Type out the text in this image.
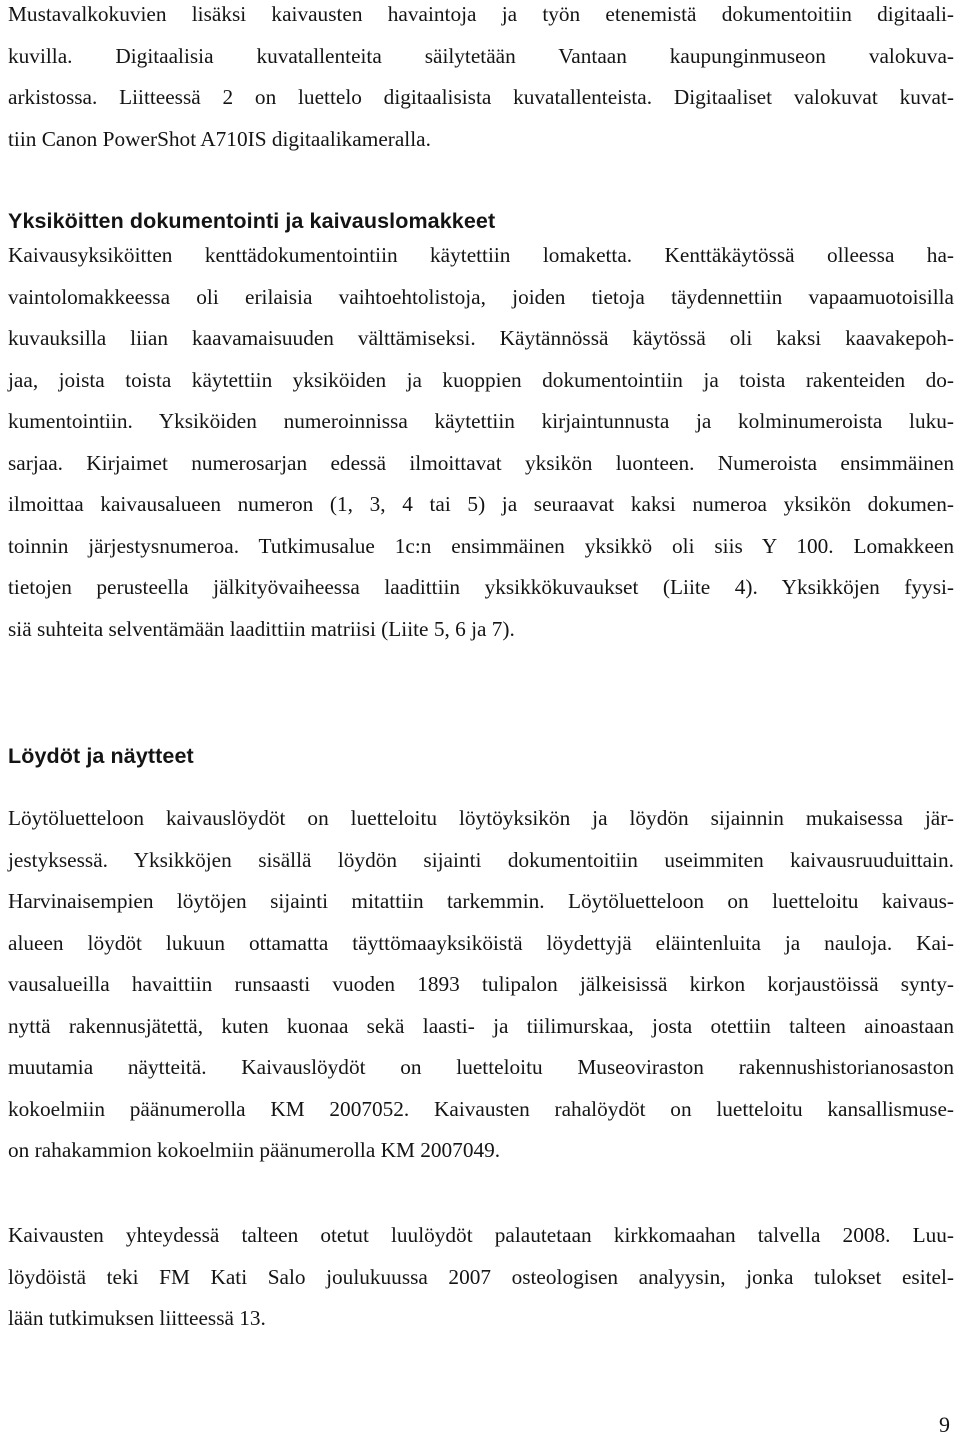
Mustavalkokuvien lisäksi kaivausten havaintoja ja työn etenemistä dokumentoitiin digitaali-
kuvilla. Digitaalisia kuvatallenteita säilytetään Vantaan kaupunginmuseon valokuva-
arkistossa. Liitteessä 2 on luettelo digitaalisista kuvatallenteista. Digitaaliset valokuvat kuvat-
tiin Canon PowerShot A710IS digitaalikameralla.

Yksiköitten dokumentointi ja kaivauslomakkeet

Kaivausyksiköitten kenttädokumentointiin käytettiin lomaketta. Kenttäkäytössä olleessa ha-
vaintolomakkeessa oli erilaisia vaihtoehtolistoja, joiden tietoja täydennettiin vapaamuotoisilla
kuvauksilla liian kaavamaisuuden välttämiseksi. Käytännössä käytössä oli kaksi kaavakepoh-
jaa, joista toista käytettiin yksiköiden ja kuoppien dokumentointiin ja toista rakenteiden do-
kumentointiin. Yksiköiden numeroinnissa käytettiin kirjaintunnusta ja kolminumeroista luku-
sarjaa. Kirjaimet numerosarjan edessä ilmoittavat yksikön luonteen. Numeroista ensimmäinen
ilmoittaa kaivausalueen numeron (1, 3, 4 tai 5) ja seuraavat kaksi numeroa yksikön dokumen-
toinnin järjestysnumeroa. Tutkimusalue 1c:n ensimmäinen yksikkö oli siis Y 100. Lomakkeen
tietojen perusteella jälkityövaiheessa laadittiin yksikkökuvaukset (Liite 4). Yksikköjen fyysi-
siä suhteita selventämään laadittiin matriisi (Liite 5, 6 ja 7).

Löydöt ja näytteet

Löytöluetteloon kaivauslöydöt on luetteloitu löytöyksikön ja löydön sijainnin mukaisessa jär-
jestyksessä. Yksikköjen sisällä löydön sijainti dokumentoitiin useimmiten kaivausruuduittain.
Harvinaisempien löytöjen sijainti mitattiin tarkemmin. Löytöluetteloon on luetteloitu kaivaus-
alueen löydöt lukuun ottamatta täyttömaayksiköistä löydettyjä eläintenluita ja nauloja. Kai-
vausalueilla havaittiin runsaasti vuoden 1893 tulipalon jälkeisissä kirkon korjaustöissä synty-
nyttä rakennusjätettä, kuten kuonaa sekä laasti- ja tiilimurskaa, josta otettiin talteen ainoastaan
muutamia näytteitä. Kaivauslöydöt on luetteloitu Museoviraston rakennushistorianosaston
kokoelmiin päänumerolla KM 2007052. Kaivausten rahalöydöt on luetteloitu kansallismuse-
on rahakammion kokoelmiin päänumerolla KM 2007049.

Kaivausten yhteydessä talteen otetut luulöydöt palautetaan kirkkomaahan talvella 2008. Luu-
löydöistä teki FM Kati Salo joulukuussa 2007 osteologisen analyysin, jonka tulokset esitel-
lään tutkimuksen liitteessä 13.

9
